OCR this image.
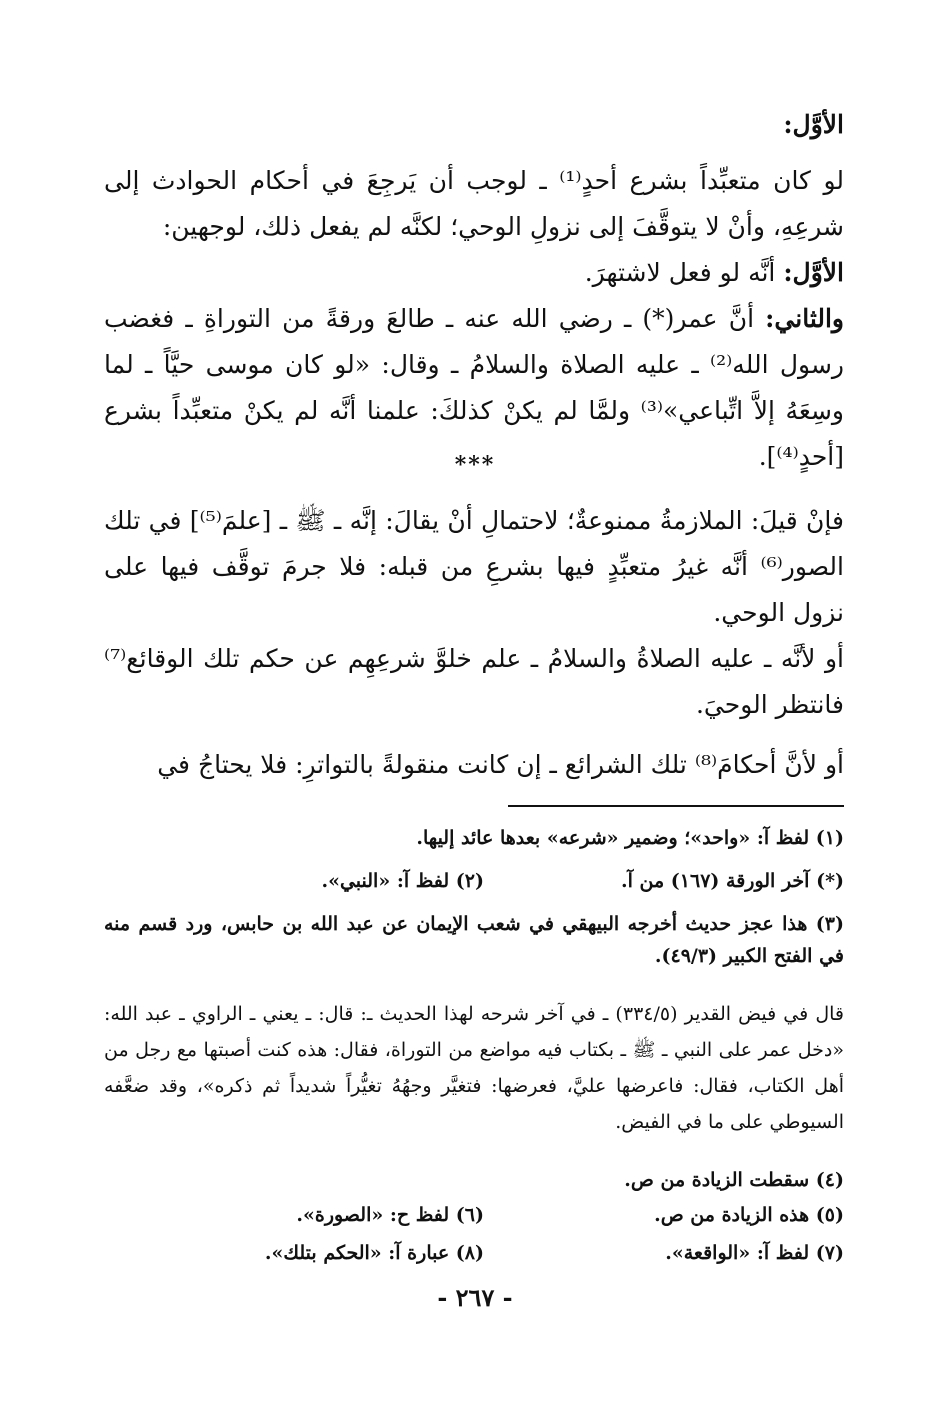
الأوَّل:

لو كان متعبِّداً بشرع أحدٍ⁽¹⁾ ـ لوجب أن يَرجِعَ في أحكام الحوادث إلى شرعِهِ، وأنْ لا يتوقَّفَ إلى نزولِ الوحي؛ لكنَّه لم يفعل ذلك، لوجهين:

الأوَّل: أنَّه لو فعل لاشتهرَ.

والثاني: أنَّ عمر(*) ـ رضي الله عنه ـ طالعَ ورقةً من التوراةِ ـ فغضب رسول الله⁽²⁾ ـ عليه الصلاة والسلامُ ـ وقال: «لو كان موسى حيَّاً ـ لما وسِعَهُ إلاَّ اتِّباعي»⁽³⁾ ولمَّا لم يكنْ كذلكَ: علمنا أنَّه لم يكنْ متعبِّداً بشرع [أحدٍ⁽⁴⁾].

***

فإنْ قيلَ: الملازمةُ ممنوعةٌ؛ لاحتمالِ أنْ يقالَ: إنَّه ـ ﷺ ـ [علمَ⁽⁵⁾] في تلك الصور⁽⁶⁾ أنَّه غيرُ متعبِّدٍ فيها بشرعِ من قبله: فلا جرمَ توقَّف فيها على نزول الوحي.

أو لأنَّه ـ عليه الصلاةُ والسلامُ ـ علم خلوَّ شرعِهِم عن حكم تلك الوقائع⁽⁷⁾ فانتظر الوحيَ.

أو لأنَّ أحكامَ⁽⁸⁾ تلك الشرائع ـ إن كانت منقولةً بالتواترِ: فلا يحتاجُ في

(١) لفظ آ: «واحد»؛ وضمير «شرعه» بعدها عائد إليها.

(*) آخر الورقة (١٦٧) من آ.(٢) لفظ آ: «النبي».

(٣) هذا عجز حديث أخرجه البيهقي في شعب الإيمان عن عبد الله بن حابس، ورد قسم منه في الفتح الكبير (٤٩/٣).

قال في فيض القدير (٣٣٤/٥) ـ في آخر شرحه لهذا الحديث ـ: قال: ـ يعني ـ الراوي ـ عبد الله: «دخل عمر على النبي ـ ﷺ ـ بكتاب فيه مواضع من التوراة، فقال: هذه كنت أصبتها مع رجل من أهل الكتاب، فقال: فاعرضها عليَّ، فعرضها: فتغيَّر وجهُهُ تغيُّراً شديداً ثم ذكره»، وقد ضعَّفه السيوطي على ما في الفيض.

(٤) سقطت الزيادة من ص.

(٥) هذه الزيادة من ص.(٦) لفظ ح: «الصورة».
(٧) لفظ آ: «الواقعة».(٨) عبارة آ: «الحكم بتلك».
- ٢٦٧ -
